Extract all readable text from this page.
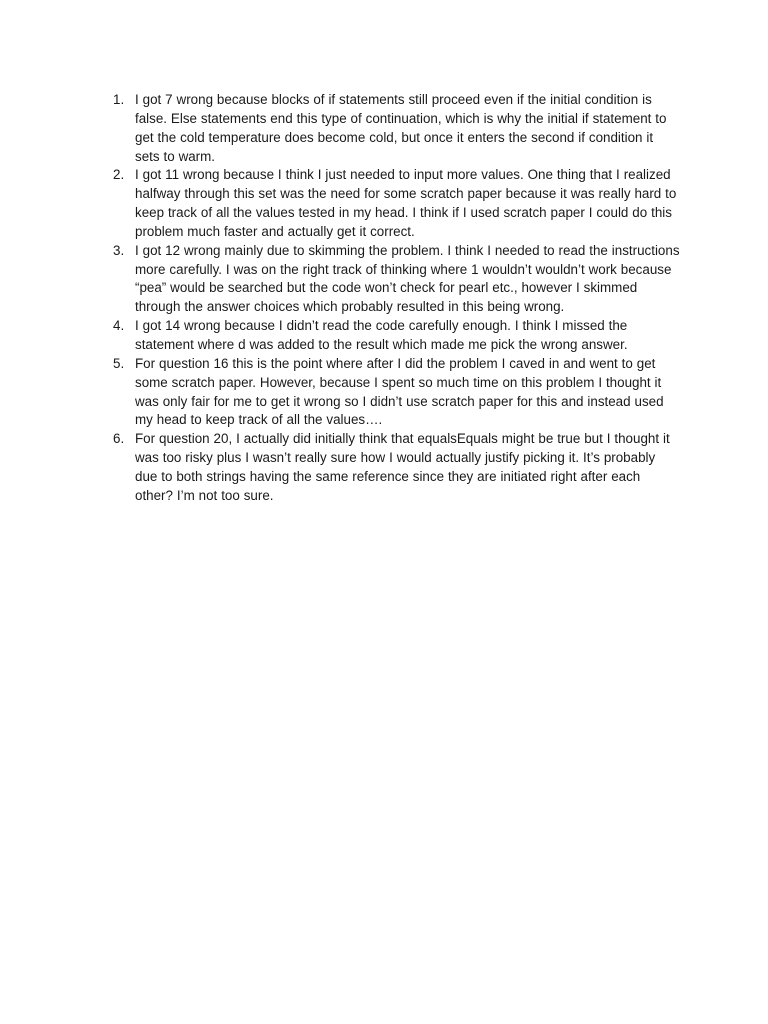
1. I got 7 wrong because blocks of if statements still proceed even if the initial condition is false. Else statements end this type of continuation, which is why the initial if statement to get the cold temperature does become cold, but once it enters the second if condition it sets to warm.
2. I got 11 wrong because I think I just needed to input more values. One thing that I realized halfway through this set was the need for some scratch paper because it was really hard to keep track of all the values tested in my head. I think if I used scratch paper I could do this problem much faster and actually get it correct.
3. I got 12 wrong mainly due to skimming the problem. I think I needed to read the instructions more carefully. I was on the right track of thinking where 1 wouldn’t wouldn’t work because “pea” would be searched but the code won’t check for pearl etc., however I skimmed through the answer choices which probably resulted in this being wrong.
4. I got 14 wrong because I didn’t read the code carefully enough. I think I missed the statement where d was added to the result which made me pick the wrong answer.
5. For question 16 this is the point where after I did the problem I caved in and went to get some scratch paper. However, because I spent so much time on this problem I thought it was only fair for me to get it wrong so I didn’t use scratch paper for this and instead used my head to keep track of all the values….
6. For question 20, I actually did initially think that equalsEquals might be true but I thought it was too risky plus I wasn’t really sure how I would actually justify picking it. It’s probably due to both strings having the same reference since they are initiated right after each other? I’m not too sure.
